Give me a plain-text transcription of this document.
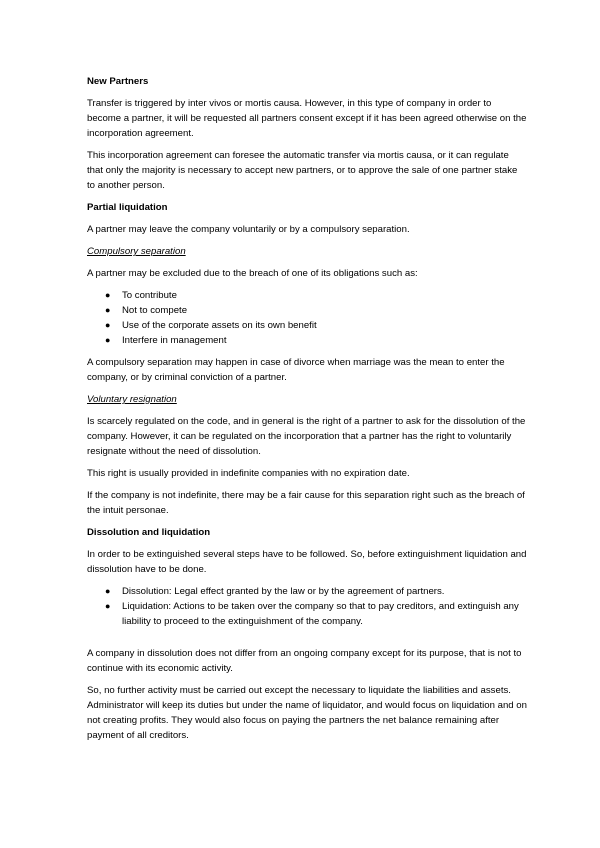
New Partners

Transfer is triggered by inter vivos or mortis causa. However, in this type of company in order to become a partner, it will be requested all partners consent except if it has been agreed otherwise on the incorporation agreement.

This incorporation agreement can foresee the automatic transfer via mortis causa, or it can regulate that only the majority is necessary to accept new partners, or to approve the sale of one partner stake to another person.

Partial liquidation

A partner may leave the company voluntarily or by a compulsory separation.

Compulsory separation

A partner may be excluded due to the breach of one of its obligations such as:

● To contribute
● Not to compete
● Use of the corporate assets on its own benefit
● Interfere in management

A compulsory separation may happen in case of divorce when marriage was the mean to enter the company, or by criminal conviction of a partner.

Voluntary resignation

Is scarcely regulated on the code, and in general is the right of a partner to ask for the dissolution of the company. However, it can be regulated on the incorporation that a partner has the right to voluntarily resignate without the need of dissolution.

This right is usually provided in indefinite companies with no expiration date.

If the company is not indefinite, there may be a fair cause for this separation right such as the breach of the intuit personae.

Dissolution and liquidation

In order to be extinguished several steps have to be followed. So, before extinguishment liquidation and dissolution have to be done.

● Dissolution: Legal effect granted by the law or by the agreement of partners.
● Liquidation: Actions to be taken over the company so that to pay creditors, and extinguish any liability to proceed to the extinguishment of the company.

A company in dissolution does not differ from an ongoing company except for its purpose, that is not to continue with its economic activity.

So, no further activity must be carried out except the necessary to liquidate the liabilities and assets. Administrator will keep its duties but under the name of liquidator, and would focus on liquidation and on not creating profits. They would also focus on paying the partners the net balance remaining after payment of all creditors.
